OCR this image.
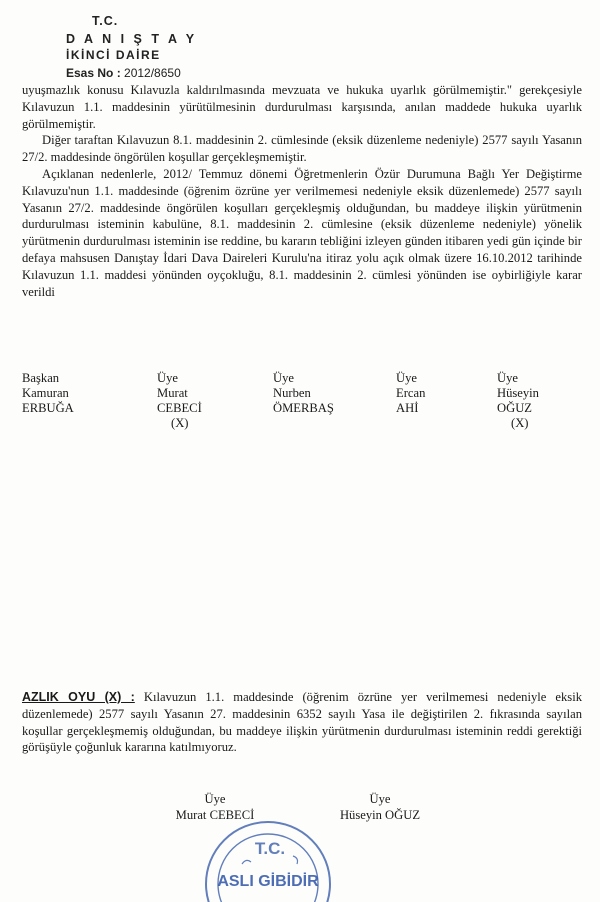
T.C.
D A N I Ş T A Y
İKİNCİ DAİRE
Esas No : 2012/8650

uyuşmazlık konusu Kılavuzla kaldırılmasında mevzuata ve hukuka uyarlık görülmemiştir." gerekçesiyle Kılavuzun 1.1. maddesinin yürütülmesinin durdurulması karşısında, anılan maddede hukuka uyarlık görülmemiştir.

Diğer taraftan Kılavuzun 8.1. maddesinin 2. cümlesinde (eksik düzenleme nedeniyle) 2577 sayılı Yasanın 27/2. maddesinde öngörülen koşullar gerçekleşmemiştir.

Açıklanan nedenlerle, 2012/ Temmuz dönemi Öğretmenlerin Özür Durumuna Bağlı Yer Değiştirme Kılavuzu'nun 1.1. maddesinde (öğrenim özrüne yer verilmemesi nedeniyle eksik düzenlemede) 2577 sayılı Yasanın 27/2. maddesinde öngörülen koşulları gerçekleşmiş olduğundan, bu maddeye ilişkin yürütmenin durdurulması isteminin kabulüne, 8.1. maddesinin 2. cümlesine (eksik düzenleme nedeniyle) yönelik yürütmenin durdurulması isteminin ise reddine, bu kararın tebliğini izleyen günden itibaren yedi gün içinde bir defaya mahsusen Danıştay İdari Dava Daireleri Kurulu'na itiraz yolu açık olmak üzere 16.10.2012 tarihinde Kılavuzun 1.1. maddesi yönünden oyçokluğu, 8.1. maddesinin 2. cümlesi yönünden ise oybirliğiyle karar verildi

Başkan
Kamuran
ERBUĞA
Üye
Murat
CEBECİ
(X)
Üye
Nurben
ÖMERBAŞ
Üye
Ercan
AHİ
Üye
Hüseyin
OĞUZ
(X)

AZLIK OYU (X) : Kılavuzun 1.1. maddesinde (öğrenim özrüne yer verilmemesi nedeniyle eksik düzenlemede) 2577 sayılı Yasanın 27. maddesinin 6352 sayılı Yasa ile değiştirilen 2. fıkrasında sayılan koşullar gerçekleşmemiş olduğundan, bu maddeye ilişkin yürütmenin durdurulması isteminin reddi gerektiği görüşüyle çoğunluk kararına katılmıyoruz.

Üye
Murat CEBECİ
Üye
Hüseyin OĞUZ
T.C.
ASLI GİBİDİR
